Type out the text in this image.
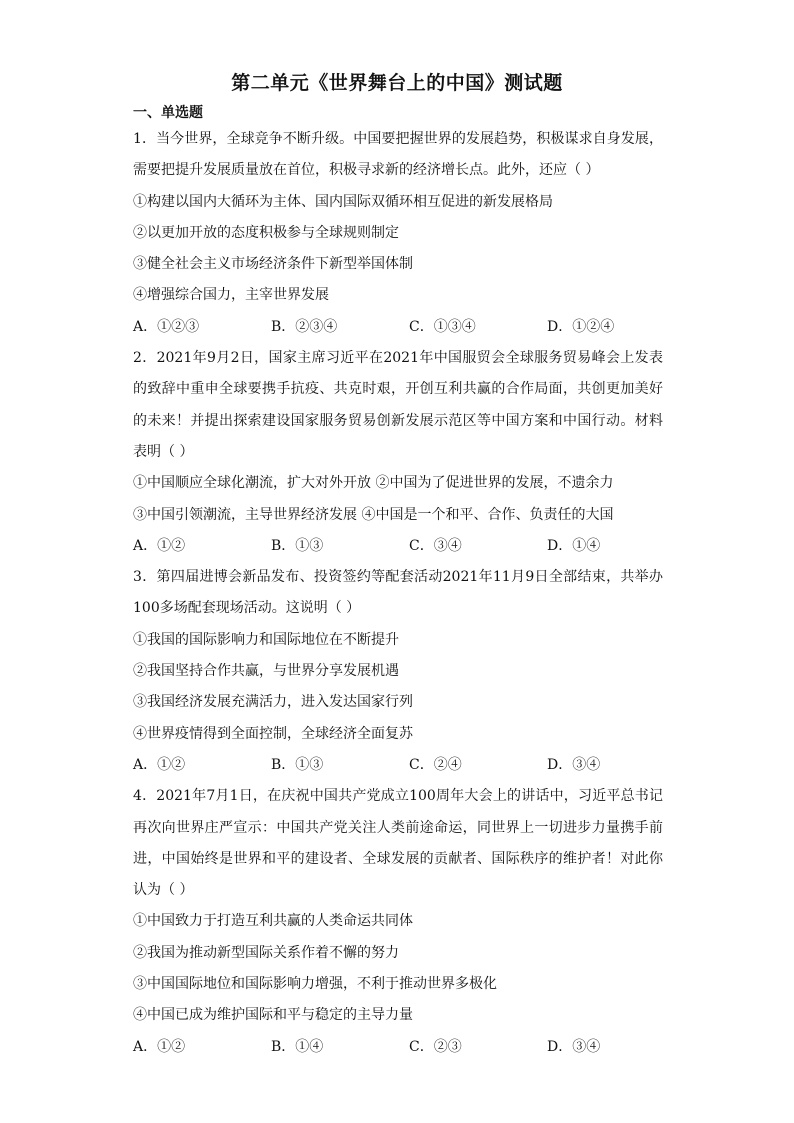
第二单元《世界舞台上的中国》测试题
一、单选题
1．当今世界，全球竞争不断升级。中国要把握世界的发展趋势，积极谋求自身发展，需要把提升发展质量放在首位，积极寻求新的经济增长点。此外，还应（ ）
①构建以国内大循环为主体、国内国际双循环相互促进的新发展格局
②以更加开放的态度积极参与全球规则制定
③健全社会主义市场经济条件下新型举国体制
④增强综合国力，主宰世界发展
A．①②③	B．②③④	C．①③④	D．①②④
2．2021年9月2日，国家主席习近平在2021年中国服贸会全球服务贸易峰会上发表的致辞中重申全球要携手抗疫、共克时艰，开创互利共赢的合作局面，共创更加美好的未来！并提出探索建设国家服务贸易创新发展示范区等中国方案和中国行动。材料表明（ ）
①中国顺应全球化潮流，扩大对外开放 ②中国为了促进世界的发展，不遗余力
③中国引领潮流，主导世界经济发展 ④中国是一个和平、合作、负责任的大国
A．①②	B．①③	C．③④	D．①④
3．第四届进博会新品发布、投资签约等配套活动2021年11月9日全部结束，共举办100多场配套现场活动。这说明（ ）
①我国的国际影响力和国际地位在不断提升
②我国坚持合作共赢，与世界分享发展机遇
③我国经济发展充满活力，进入发达国家行列
④世界疫情得到全面控制，全球经济全面复苏
A．①②	B．①③	C．②④	D．③④
4．2021年7月1日，在庆祝中国共产党成立100周年大会上的讲话中，习近平总书记再次向世界庄严宣示：中国共产党关注人类前途命运，同世界上一切进步力量携手前进，中国始终是世界和平的建设者、全球发展的贡献者、国际秩序的维护者！对此你认为（ ）
①中国致力于打造互利共赢的人类命运共同体
②我国为推动新型国际关系作着不懈的努力
③中国国际地位和国际影响力增强，不利于推动世界多极化
④中国已成为维护国际和平与稳定的主导力量
A．①②	B．①④	C．②③	D．③④
